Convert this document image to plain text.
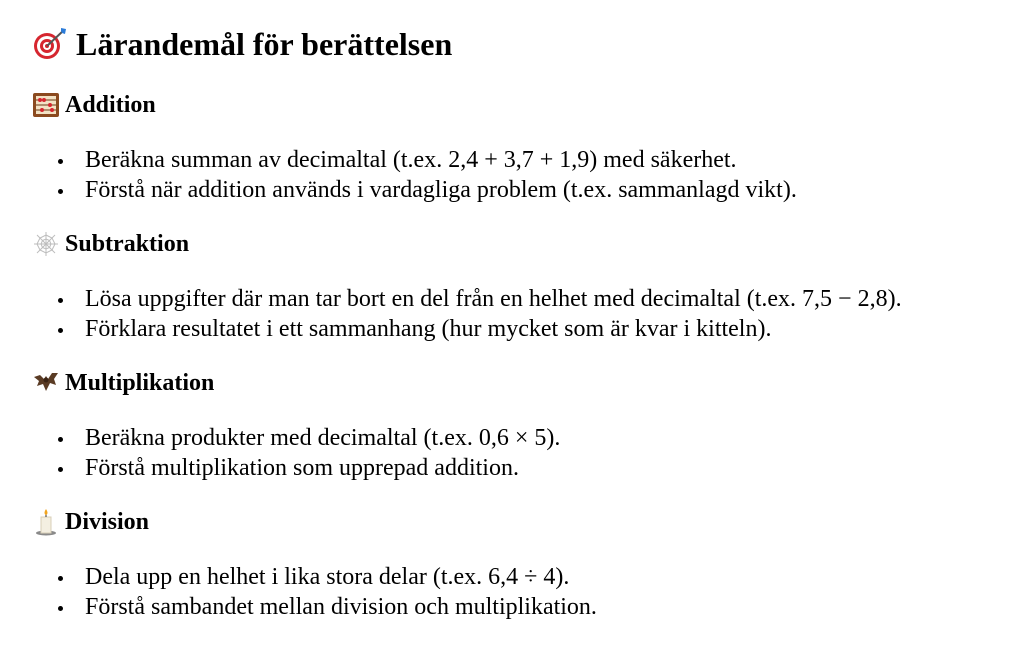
Lärandemål för berättelsen
Addition
Beräkna summan av decimaltal (t.ex. 2,4 + 3,7 + 1,9) med säkerhet.
Förstå när addition används i vardagliga problem (t.ex. sammanlagd vikt).
Subtraktion
Lösa uppgifter där man tar bort en del från en helhet med decimaltal (t.ex. 7,5 − 2,8).
Förklara resultatet i ett sammanhang (hur mycket som är kvar i kitteln).
Multiplikation
Beräkna produkter med decimaltal (t.ex. 0,6 × 5).
Förstå multiplikation som upprepad addition.
Division
Dela upp en helhet i lika stora delar (t.ex. 6,4 ÷ 4).
Förstå sambandet mellan division och multiplikation.
